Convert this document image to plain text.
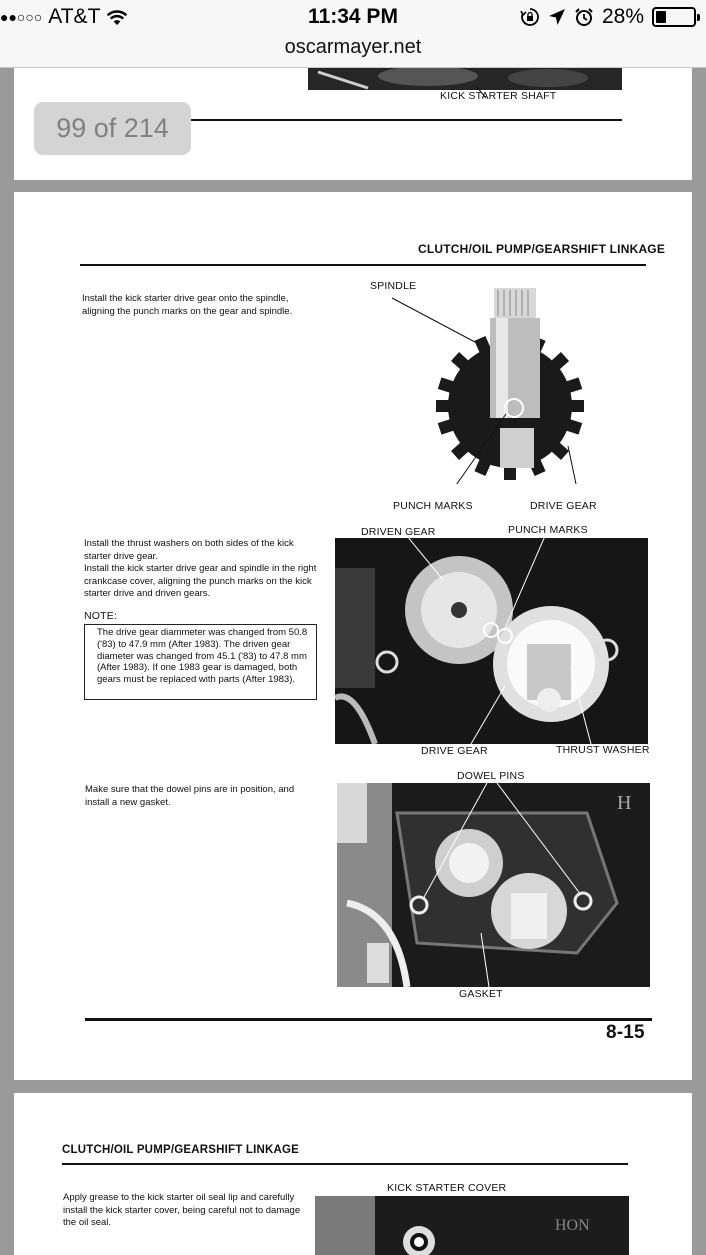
●●○○○ AT&T	11:34 PM	28%
oscarmayer.net
99 of 214
KICK STARTER SHAFT
CLUTCH/OIL PUMP/GEARSHIFT LINKAGE
Install the kick starter drive gear onto the spindle, aligning the punch marks on the gear and spindle.
SPINDLE
PUNCH MARKS	DRIVE GEAR
Install the thrust washers on both sides of the kick starter drive gear.
Install the kick starter drive gear and spindle in the right crankcase cover, aligning the punch marks on the kick starter drive and driven gears.
NOTE:
The drive gear diammeter was changed from 50.8 ('83) to 47.9 mm (After 1983). The driven gear diameter was changed from 45.1 ('83) to 47.8 mm (After 1983). If one 1983 gear is damaged, both gears must be replaced with parts (After 1983).
DRIVEN GEAR	PUNCH MARKS
DRIVE GEAR	THRUST WASHER
Make sure that the dowel pins are in position, and install a new gasket.
DOWEL PINS
H
GASKET
8-15
CLUTCH/OIL PUMP/GEARSHIFT LINKAGE
KICK STARTER COVER
Apply grease to the kick starter oil seal lip and carefully install the kick starter cover, being careful not to damage the oil seal.	HON
